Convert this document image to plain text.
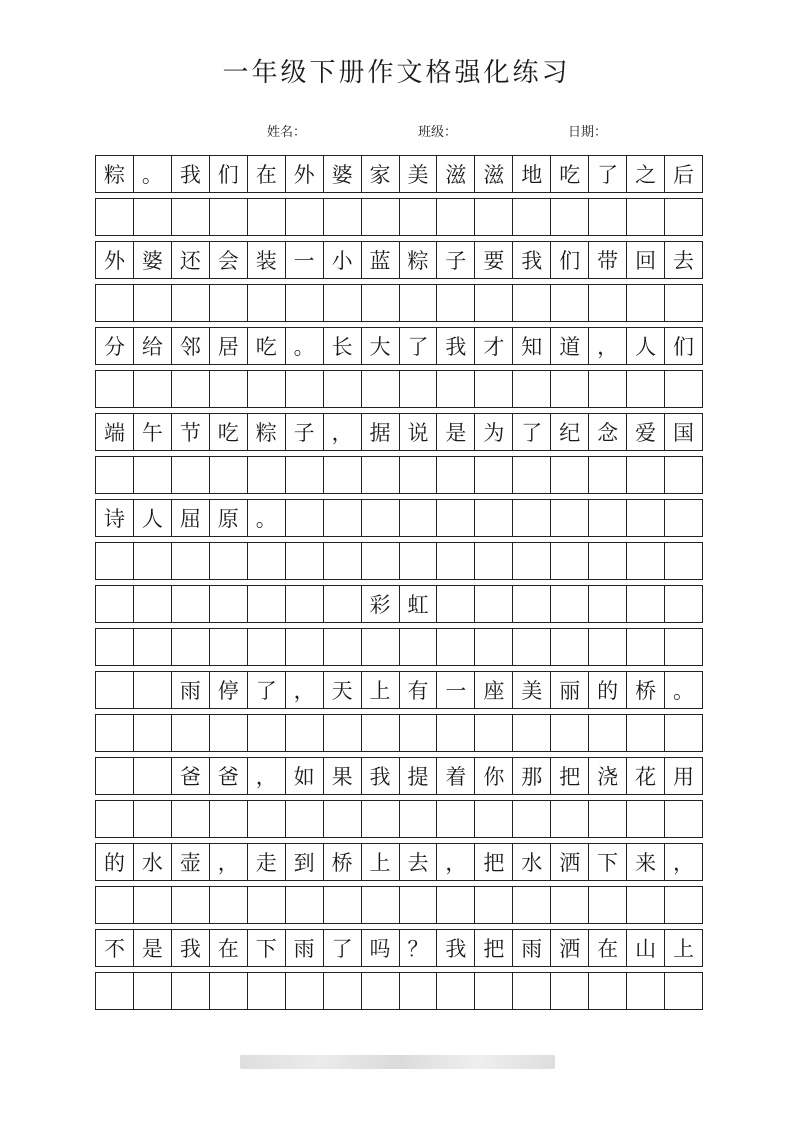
一年级下册作文格强化练习
姓名：	班级：	日期：
粽 。 我 们 在 外 婆 家 美 滋 滋 地 吃 了 之 后
外 婆 还 会 装 一 小 蓝 粽 子 要 我 们 带 回 去
分 给 邻 居 吃 。 长 大 了 我 才 知 道 ， 人 们
端 午 节 吃 粽 子 ， 据 说 是 为 了 纪 念 爱 国
诗 人 屈 原 。
彩 虹
雨 停 了 ， 天 上 有 一 座 美 丽 的 桥 。
爸 爸 ， 如 果 我 提 着 你 那 把 浇 花 用
的 水 壶 ， 走 到 桥 上 去 ， 把 水 洒 下 来 ，
不 是 我 在 下 雨 了 吗 ？ 我 把 雨 洒 在 山 上
